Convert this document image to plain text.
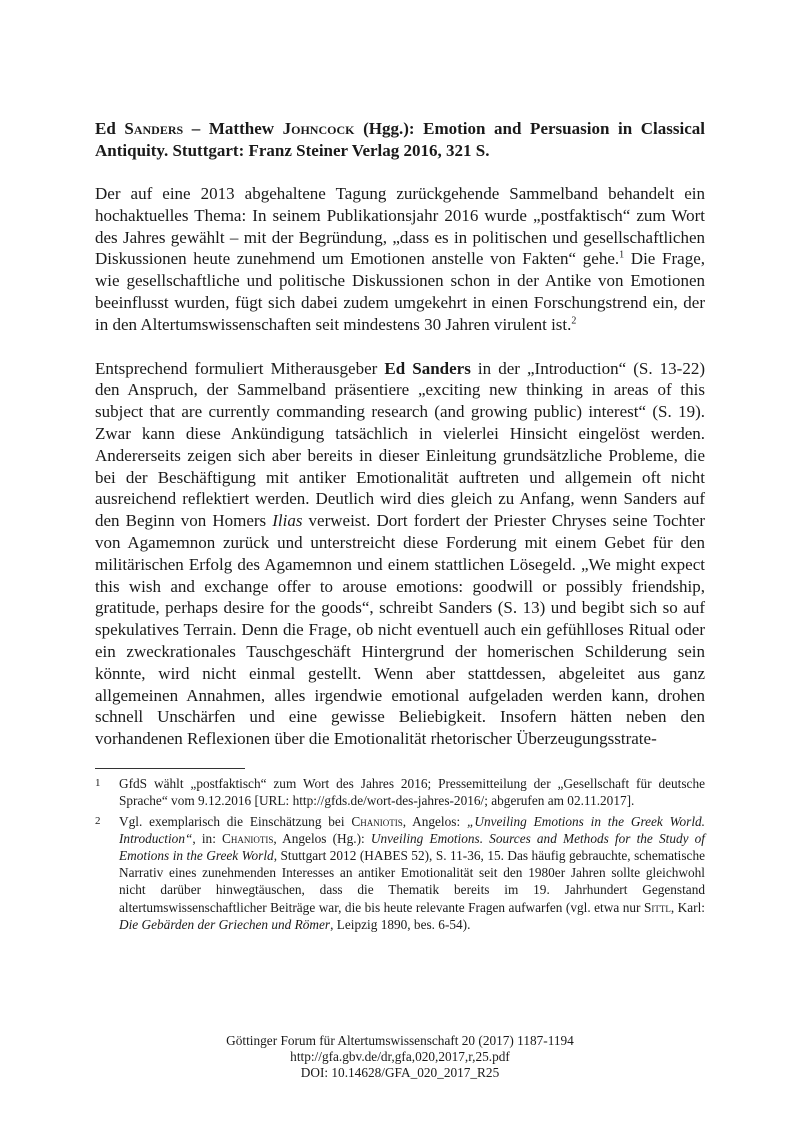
Ed Sanders – Matthew Johncock (Hgg.): Emotion and Persuasion in Classical Antiquity. Stuttgart: Franz Steiner Verlag 2016, 321 S.

Der auf eine 2013 abgehaltene Tagung zurückgehende Sammelband behandelt ein hochaktuelles Thema: In seinem Publikationsjahr 2016 wurde „postfaktisch“ zum Wort des Jahres gewählt – mit der Begründung, „dass es in politischen und gesellschaftlichen Diskussionen heute zunehmend um Emotionen anstelle von Fakten“ gehe.$^1$ Die Frage, wie gesellschaftliche und politische Diskussionen schon in der Antike von Emotionen beeinflusst wurden, fügt sich dabei zudem umgekehrt in einen Forschungstrend ein, der in den Altertumswissenschaften seit mindestens 30 Jahren virulent ist.$^2$

Entsprechend formuliert Mitherausgeber Ed Sanders in der „Introduction“ (S. 13-22) den Anspruch, der Sammelband präsentiere „exciting new thinking in areas of this subject that are currently commanding research (and growing public) interest“ (S. 19). Zwar kann diese Ankündigung tatsächlich in vielerlei Hinsicht eingelöst werden. Andererseits zeigen sich aber bereits in dieser Einleitung grundsätzliche Probleme, die bei der Beschäftigung mit antiker Emotionalität auftreten und allgemein oft nicht ausreichend reflektiert werden. Deutlich wird dies gleich zu Anfang, wenn Sanders auf den Beginn von Homers Ilias verweist. Dort fordert der Priester Chryses seine Tochter von Agamemnon zurück und unterstreicht diese Forderung mit einem Gebet für den militärischen Erfolg des Agamemnon und einem stattlichen Lösegeld. „We might expect this wish and exchange offer to arouse emotions: goodwill or possibly friendship, gratitude, perhaps desire for the goods“, schreibt Sanders (S. 13) und begibt sich so auf spekulatives Terrain. Denn die Frage, ob nicht eventuell auch ein gefühlloses Ritual oder ein zweckrationales Tauschgeschäft Hintergrund der homerischen Schilderung sein könnte, wird nicht einmal gestellt. Wenn aber stattdessen, abgeleitet aus ganz allgemeinen Annahmen, alles irgendwie emotional aufgeladen werden kann, drohen schnell Unschärfen und eine gewisse Beliebigkeit. Insofern hätten neben den vorhandenen Reflexionen über die Emotionalität rhetorischer Überzeugungsstrate-

1	GfdS wählt „postfaktisch“ zum Wort des Jahres 2016; Pressemitteilung der „Gesellschaft für deutsche Sprache“ vom 9.12.2016 [URL: http://gfds.de/wort-des-jahres-2016/; abgerufen am 02.11.2017].
2	Vgl. exemplarisch die Einschätzung bei Chaniotis, Angelos: „Unveiling Emotions in the Greek World. Introduction“, in: Chaniotis, Angelos (Hg.): Unveiling Emotions. Sources and Methods for the Study of Emotions in the Greek World, Stuttgart 2012 (HABES 52), S. 11-36, 15. Das häufig gebrauchte, schematische Narrativ eines zunehmenden Interesses an antiker Emotionalität seit den 1980er Jahren sollte gleichwohl nicht darüber hinwegtäuschen, dass die Thematik bereits im 19. Jahrhundert Gegenstand altertumswissenschaftlicher Beiträge war, die bis heute relevante Fragen aufwarfen (vgl. etwa nur Sittl, Karl: Die Gebärden der Griechen und Römer, Leipzig 1890, bes. 6-54).
Göttinger Forum für Altertumswissenschaft 20 (2017) 1187-1194
http://gfa.gbv.de/dr,gfa,020,2017,r,25.pdf
DOI: 10.14628/GFA_020_2017_R25
